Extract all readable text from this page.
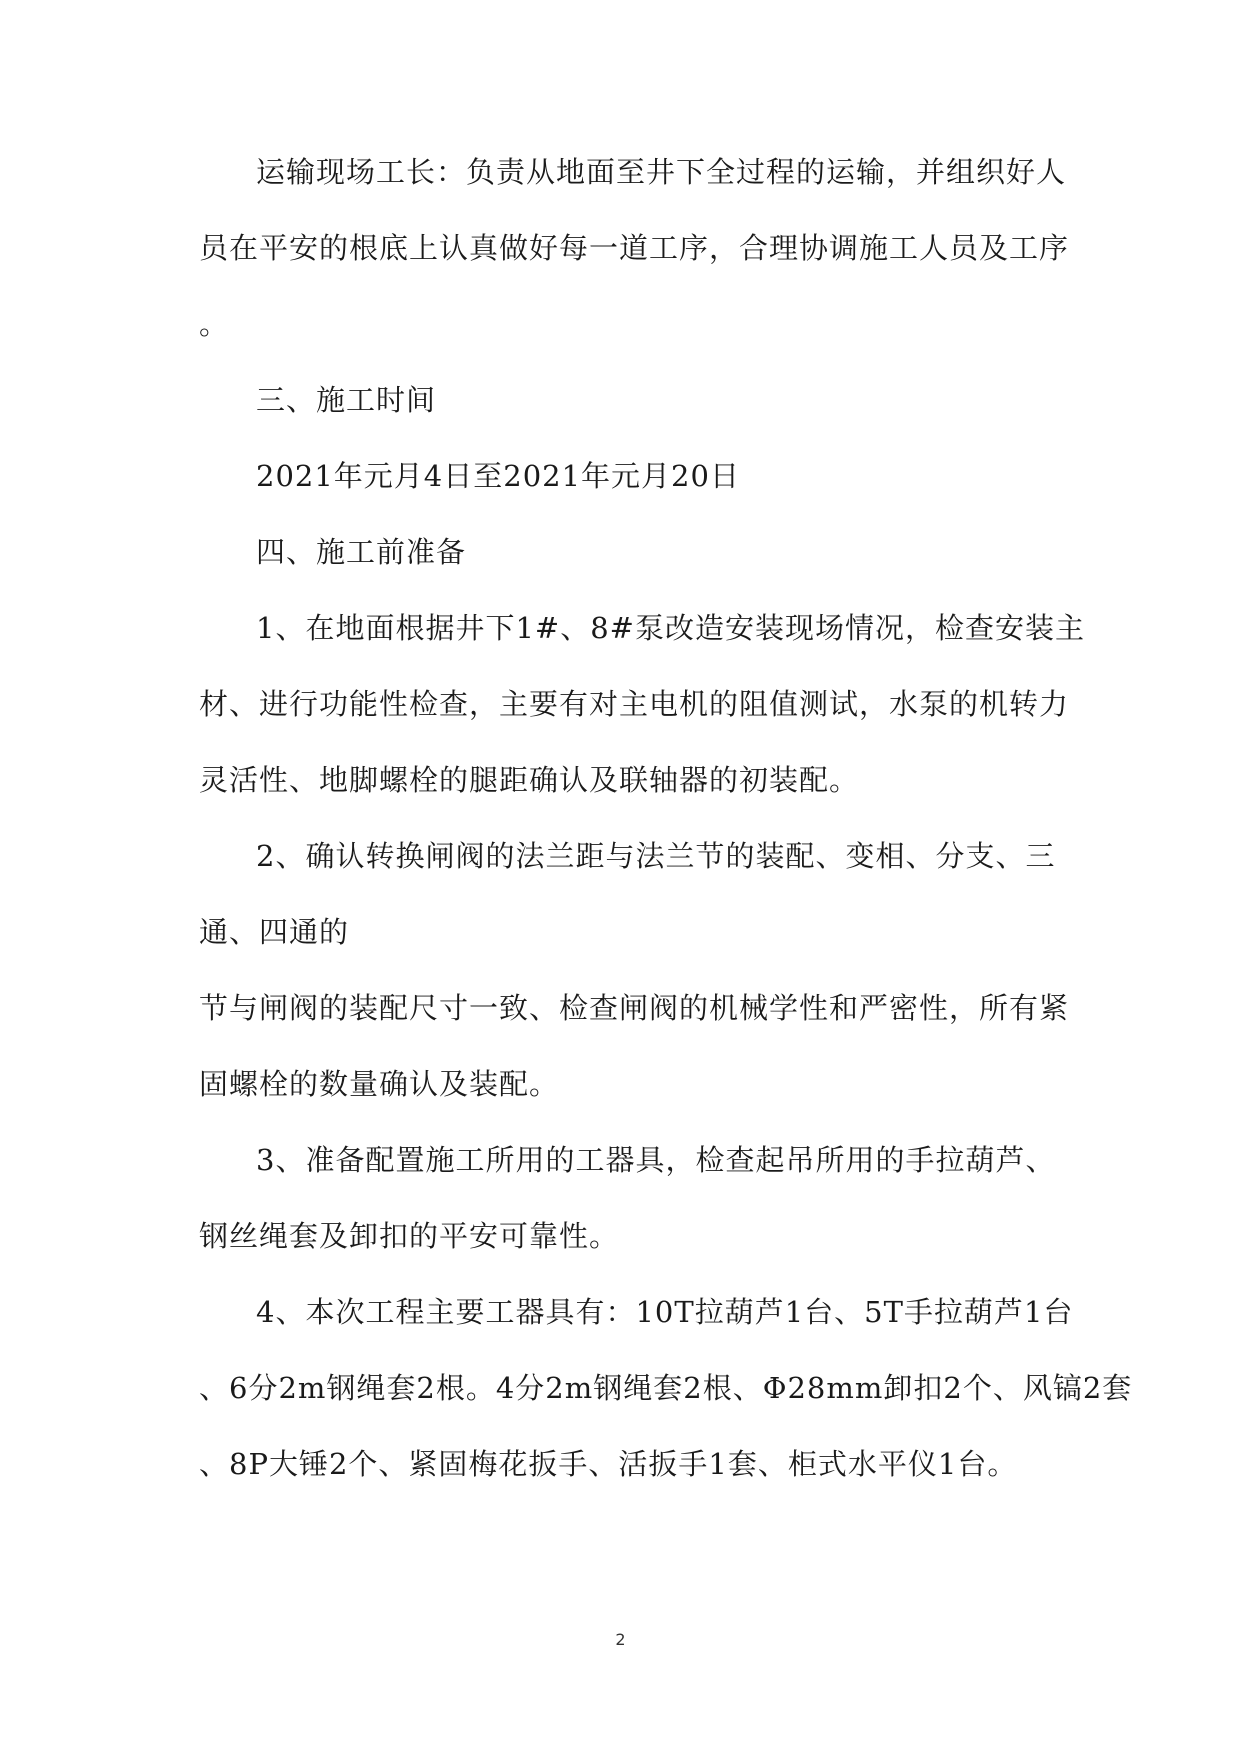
运输现场工长：负责从地面至井下全过程的运输，并组织好人
员在平安的根底上认真做好每一道工序，合理协调施工人员及工序
。
三、施工时间
2021年元月4日至2021年元月20日
四、施工前准备
1、在地面根据井下1#、8#泵改造安装现场情况，检查安装主
材、进行功能性检查，主要有对主电机的阻值测试，水泵的机转力
灵活性、地脚螺栓的腿距确认及联轴器的初装配。
2、确认转换闸阀的法兰距与法兰节的装配、变相、分支、三
通、四通的
节与闸阀的装配尺寸一致、检查闸阀的机械学性和严密性，所有紧
固螺栓的数量确认及装配。
3、准备配置施工所用的工器具，检查起吊所用的手拉葫芦、
钢丝绳套及卸扣的平安可靠性。
4、本次工程主要工器具有：10T拉葫芦1台、5T手拉葫芦1台
、6分2m钢绳套2根。4分2m钢绳套2根、Φ28mm卸扣2个、风镐2套
、8P大锤2个、紧固梅花扳手、活扳手1套、柜式水平仪1台。
2
